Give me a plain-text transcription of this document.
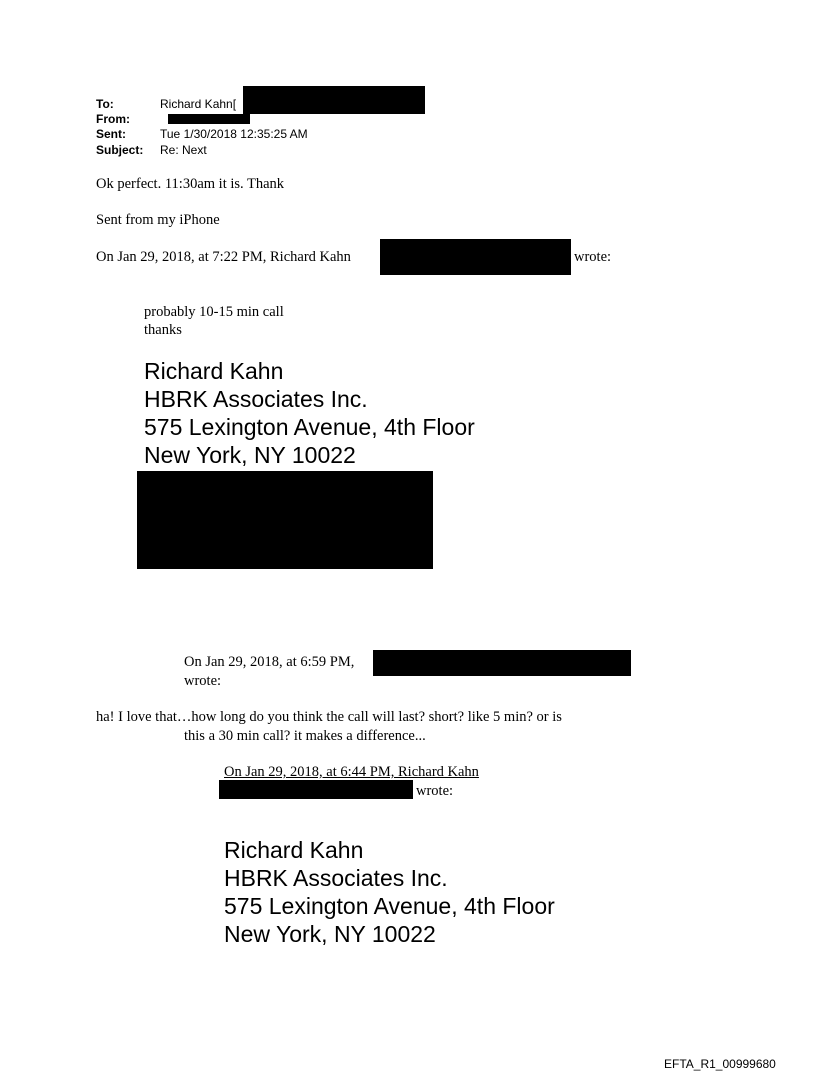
To:	Richard Kahn[
From:
Sent:	Tue 1/30/2018 12:35:25 AM
Subject: Re: Next
Ok perfect. 11:30am it is. Thank
Sent from my iPhone
On Jan 29, 2018, at 7:22 PM, Richard Kahn	wrote:
probably 10-15 min call
thanks
Richard Kahn
HBRK Associates Inc.
575 Lexington Avenue, 4th Floor
New York, NY 10022
On Jan 29, 2018, at 6:59 PM,
wrote:
ha! I love that…how long do you think the call will last? short? like 5 min? or is
this a 30 min call? it makes a difference...
On Jan 29, 2018, at 6:44 PM, Richard Kahn
wrote:
Richard Kahn
HBRK Associates Inc.
575 Lexington Avenue, 4th Floor
New York, NY 10022
EFTA_R1_00999680
